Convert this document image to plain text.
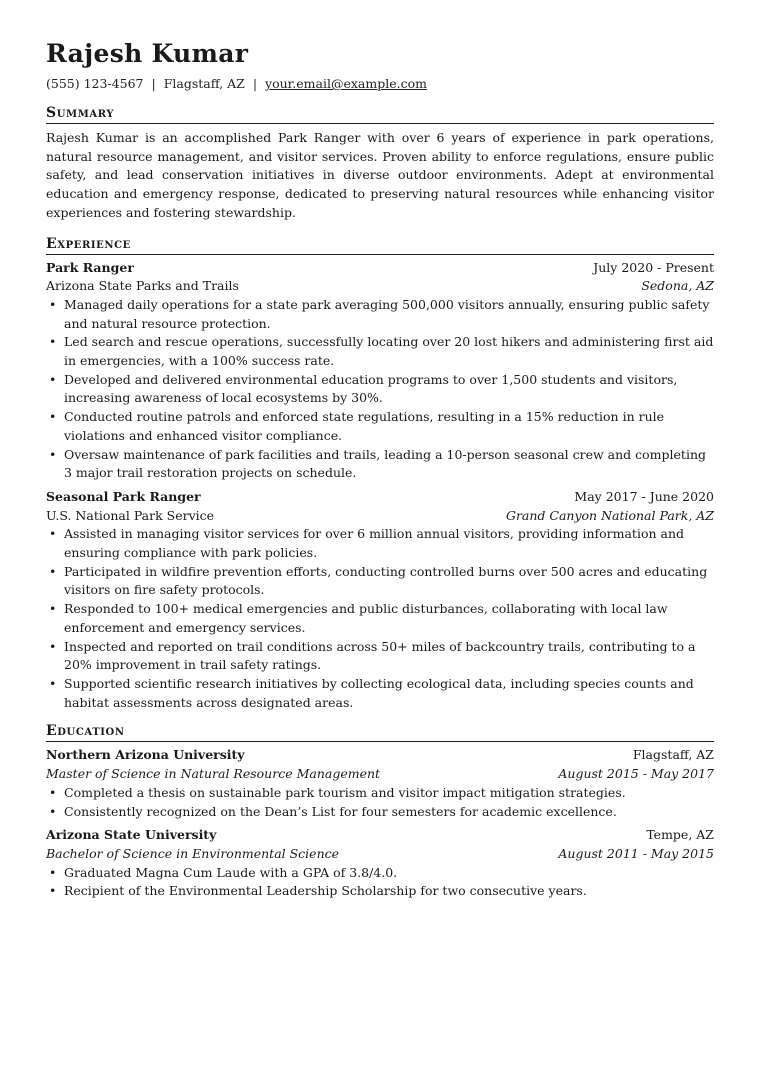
Rajesh Kumar
(555) 123-4567 | Flagstaff, AZ | your.email@example.com
Summary
Rajesh Kumar is an accomplished Park Ranger with over 6 years of experience in park operations, natural resource management, and visitor services. Proven ability to enforce regulations, ensure public safety, and lead conservation initiatives in diverse outdoor environments. Adept at environmental education and emergency response, dedicated to preserving natural resources while enhancing visitor experiences and fostering stewardship.
Experience
Park Ranger	July 2020 - Present
Arizona State Parks and Trails	Sedona, AZ
• Managed daily operations for a state park averaging 500,000 visitors annually, ensuring public safety and natural resource protection.
• Led search and rescue operations, successfully locating over 20 lost hikers and administering first aid in emergencies, with a 100% success rate.
• Developed and delivered environmental education programs to over 1,500 students and visitors, increasing awareness of local ecosystems by 30%.
• Conducted routine patrols and enforced state regulations, resulting in a 15% reduction in rule violations and enhanced visitor compliance.
• Oversaw maintenance of park facilities and trails, leading a 10-person seasonal crew and completing 3 major trail restoration projects on schedule.
Seasonal Park Ranger	May 2017 - June 2020
U.S. National Park Service	Grand Canyon National Park, AZ
• Assisted in managing visitor services for over 6 million annual visitors, providing information and ensuring compliance with park policies.
• Participated in wildfire prevention efforts, conducting controlled burns over 500 acres and educating visitors on fire safety protocols.
• Responded to 100+ medical emergencies and public disturbances, collaborating with local law enforcement and emergency services.
• Inspected and reported on trail conditions across 50+ miles of backcountry trails, contributing to a 20% improvement in trail safety ratings.
• Supported scientific research initiatives by collecting ecological data, including species counts and habitat assessments across designated areas.
Education
Northern Arizona University	Flagstaff, AZ
Master of Science in Natural Resource Management	August 2015 - May 2017
• Completed a thesis on sustainable park tourism and visitor impact mitigation strategies.
• Consistently recognized on the Dean’s List for four semesters for academic excellence.
Arizona State University	Tempe, AZ
Bachelor of Science in Environmental Science	August 2011 - May 2015
• Graduated Magna Cum Laude with a GPA of 3.8/4.0.
• Recipient of the Environmental Leadership Scholarship for two consecutive years.
